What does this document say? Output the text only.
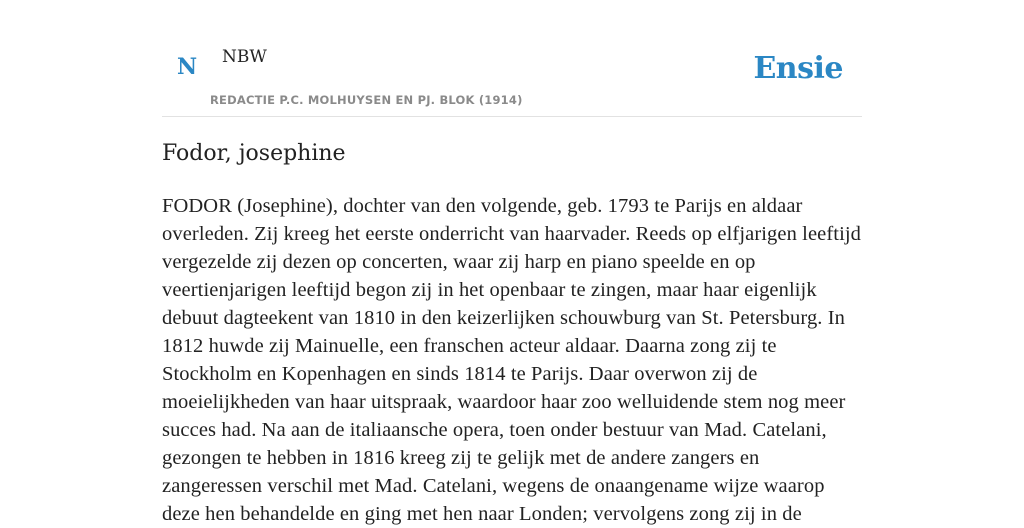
N NBW
REDACTIE P.C. MOLHUYSEN EN PJ. BLOK (1914)
Ensie
Fodor, josephine

FODOR (Josephine), dochter van den volgende, geb. 1793 te Parijs en aldaar overleden. Zij kreeg het eerste onderricht van haarvader. Reeds op elfjarigen leeftijd vergezelde zij dezen op concerten, waar zij harp en piano speelde en op veertienjarigen leeftijd begon zij in het openbaar te zingen, maar haar eigenlijk debuut dagteekent van 1810 in den keizerlijken schouwburg van St. Petersburg. In 1812 huwde zij Mainuelle, een franschen acteur aldaar. Daarna zong zij te Stockholm en Kopenhagen en sinds 1814 te Parijs. Daar overwon zij de moeielijkheden van haar uitspraak, waardoor haar zoo welluidende stem nog meer succes had. Na aan de italiaansche opera, toen onder bestuur van Mad. Catelani, gezongen te hebben in 1816 kreeg zij te gelijk met de andere zangers en zangeressen verschil met Mad. Catelani, wegens de onaangename wijze waarop deze hen behandelde en ging met hen naar Londen; vervolgens zong zij in de
